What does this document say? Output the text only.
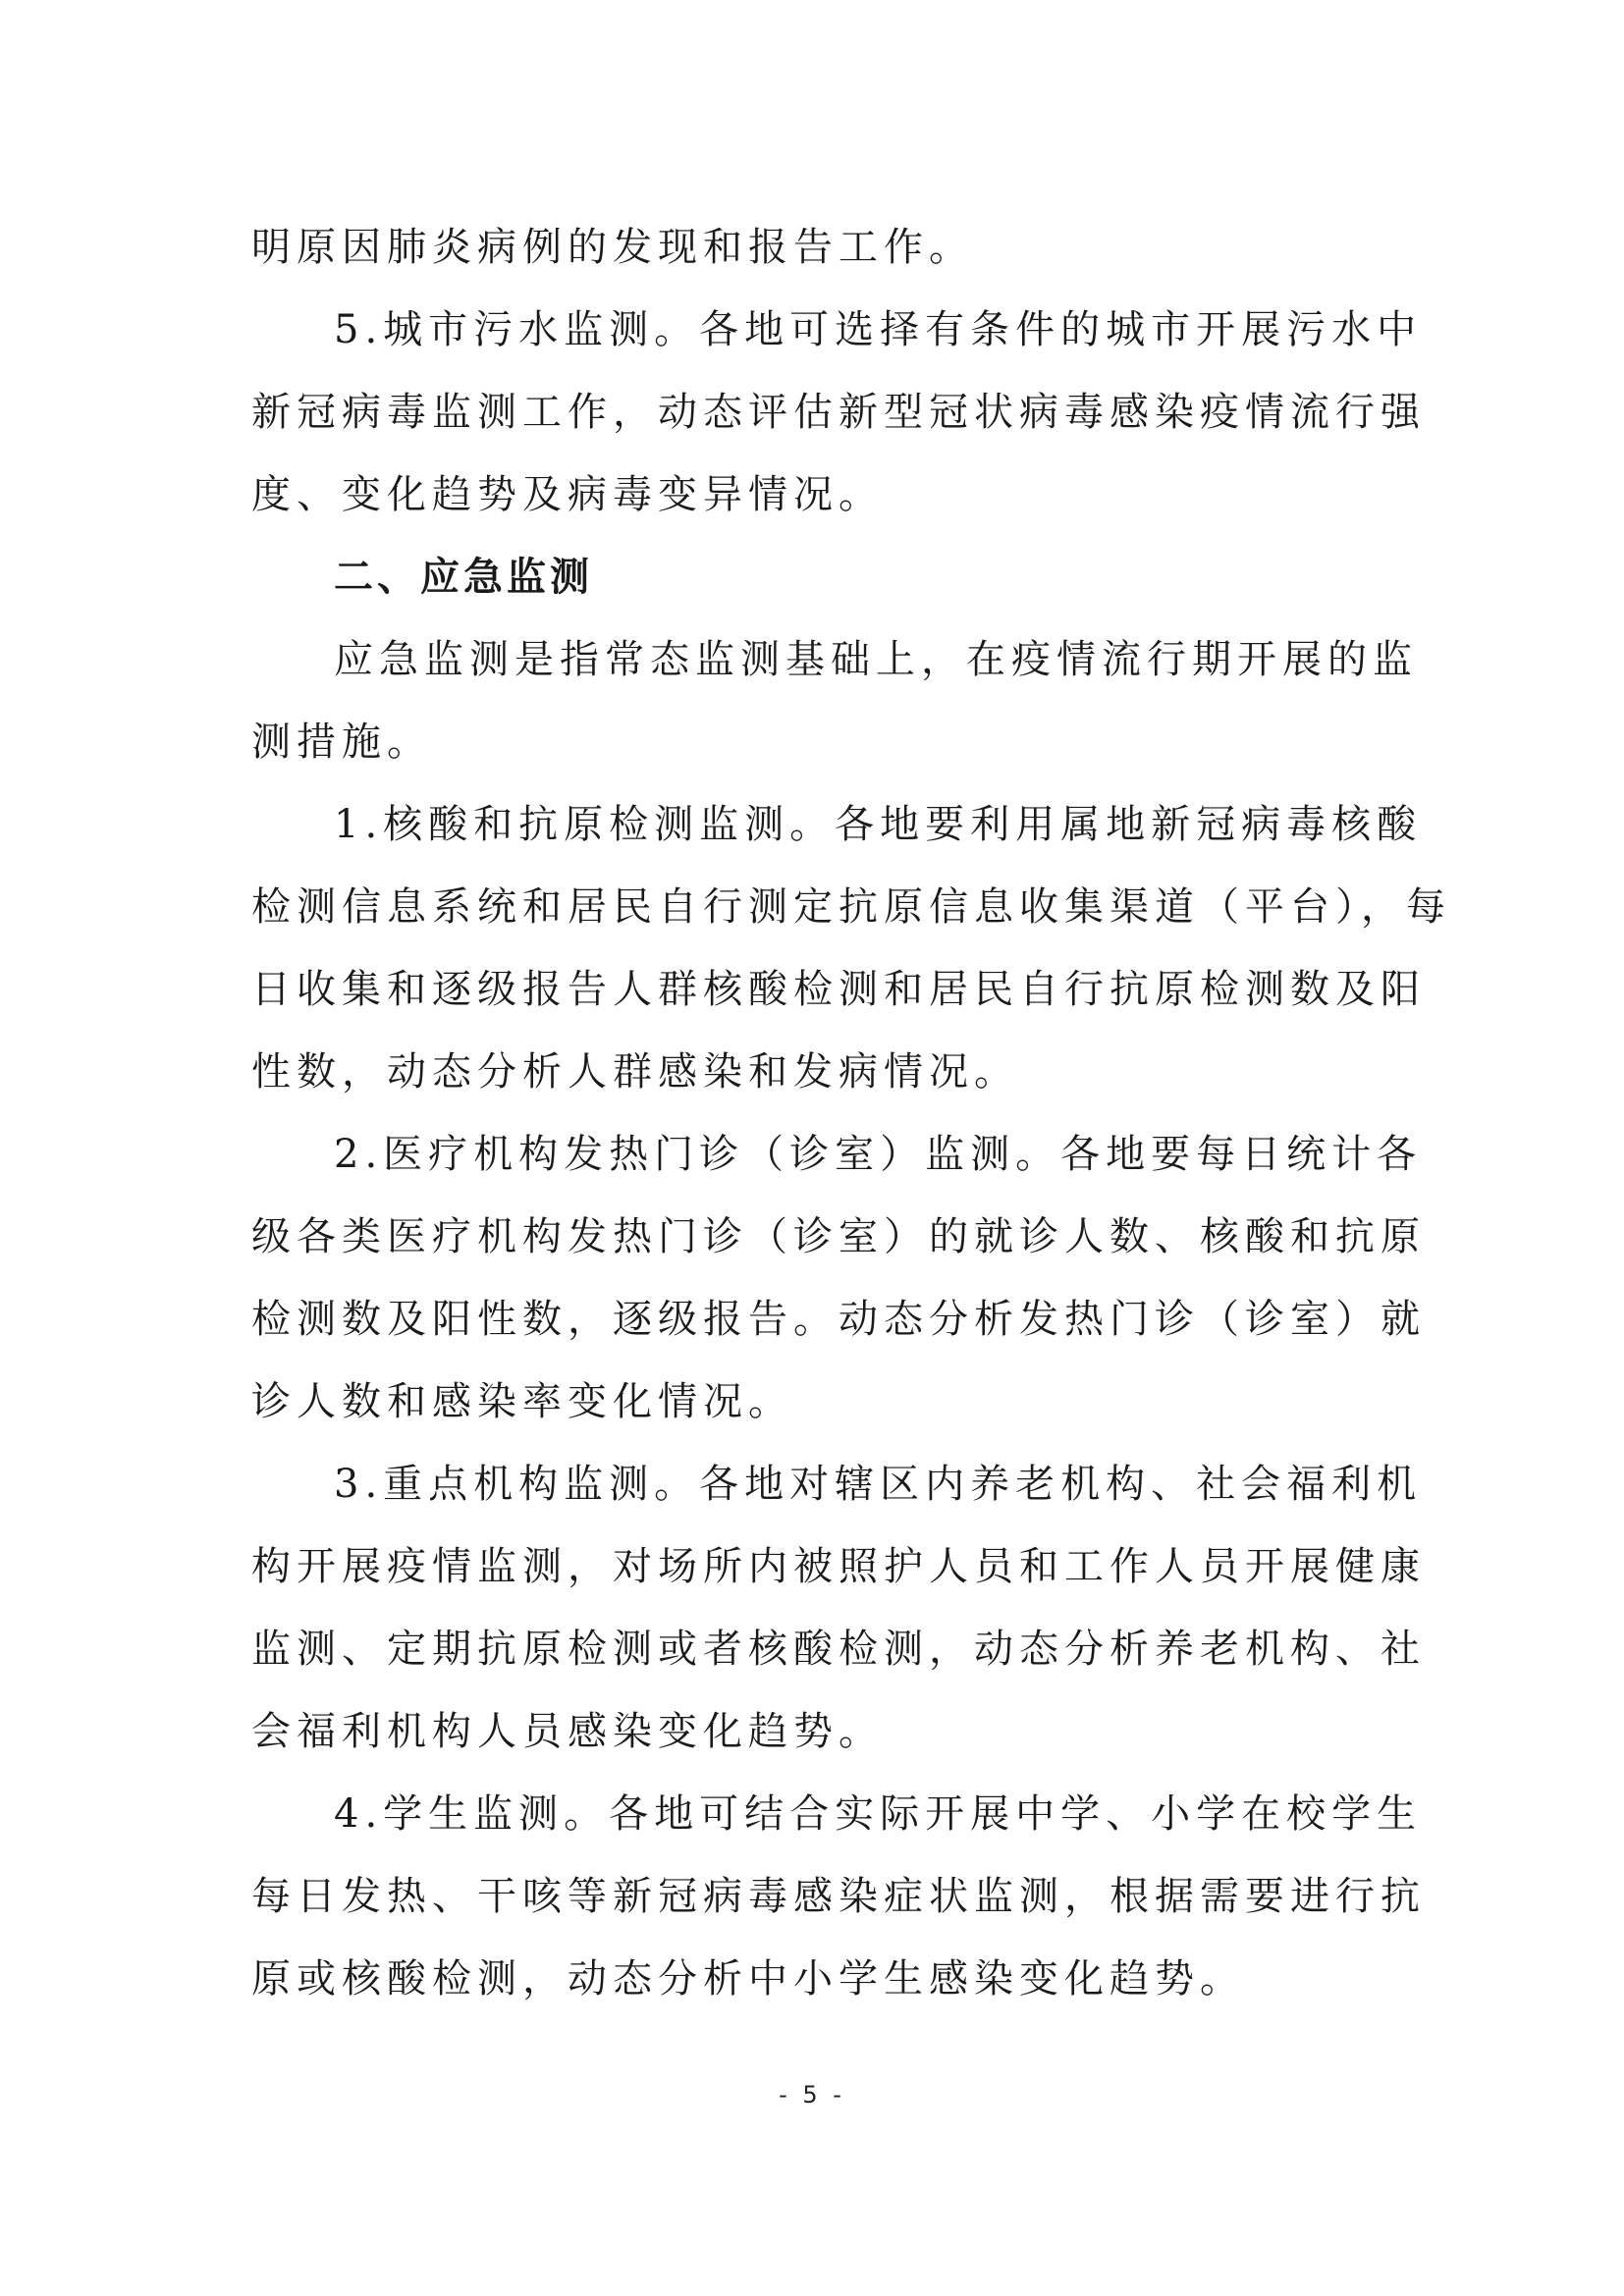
明原因肺炎病例的发现和报告工作。
5.城市污水监测。各地可选择有条件的城市开展污水中
新冠病毒监测工作，动态评估新型冠状病毒感染疫情流行强
度、变化趋势及病毒变异情况。
二、应急监测
应急监测是指常态监测基础上，在疫情流行期开展的监
测措施。
1.核酸和抗原检测监测。各地要利用属地新冠病毒核酸
检测信息系统和居民自行测定抗原信息收集渠道（平台），每
日收集和逐级报告人群核酸检测和居民自行抗原检测数及阳
性数，动态分析人群感染和发病情况。
2.医疗机构发热门诊（诊室）监测。各地要每日统计各
级各类医疗机构发热门诊（诊室）的就诊人数、核酸和抗原
检测数及阳性数，逐级报告。动态分析发热门诊（诊室）就
诊人数和感染率变化情况。
3.重点机构监测。各地对辖区内养老机构、社会福利机
构开展疫情监测，对场所内被照护人员和工作人员开展健康
监测、定期抗原检测或者核酸检测，动态分析养老机构、社
会福利机构人员感染变化趋势。
4.学生监测。各地可结合实际开展中学、小学在校学生
每日发热、干咳等新冠病毒感染症状监测，根据需要进行抗
原或核酸检测，动态分析中小学生感染变化趋势。
- 5 -
